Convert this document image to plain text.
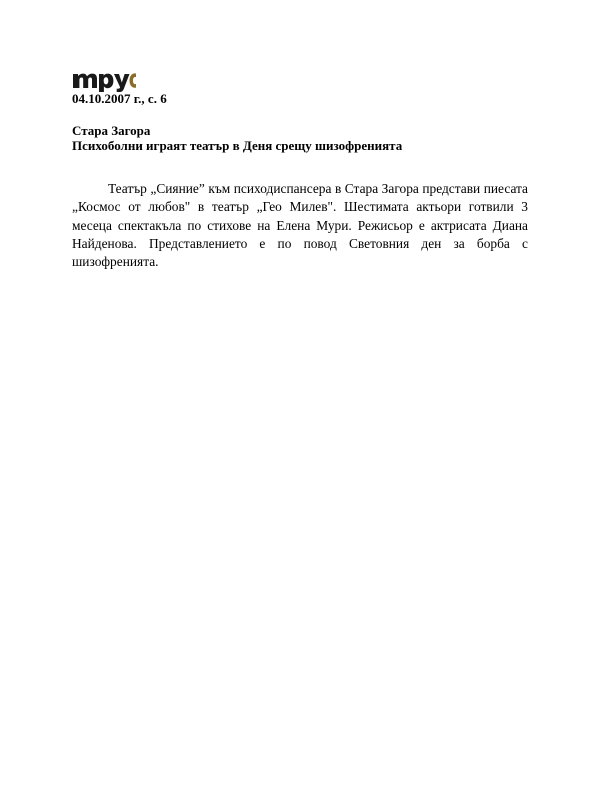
04.10.2007 г., с. 6
Стара Загора
Психоболни играят театър в Деня срещу шизофренията

Театър „Сияние” към психодиспансера в Стара Загора представи пиесата „Космос от любов" в театър „Гео Милев". Шестимата актьори готвили 3 месеца спектакъла по стихове на Елена Мури. Режисьор е актрисата Диана Найденова. Представлението е по повод Световния ден за борба с шизофренията.
